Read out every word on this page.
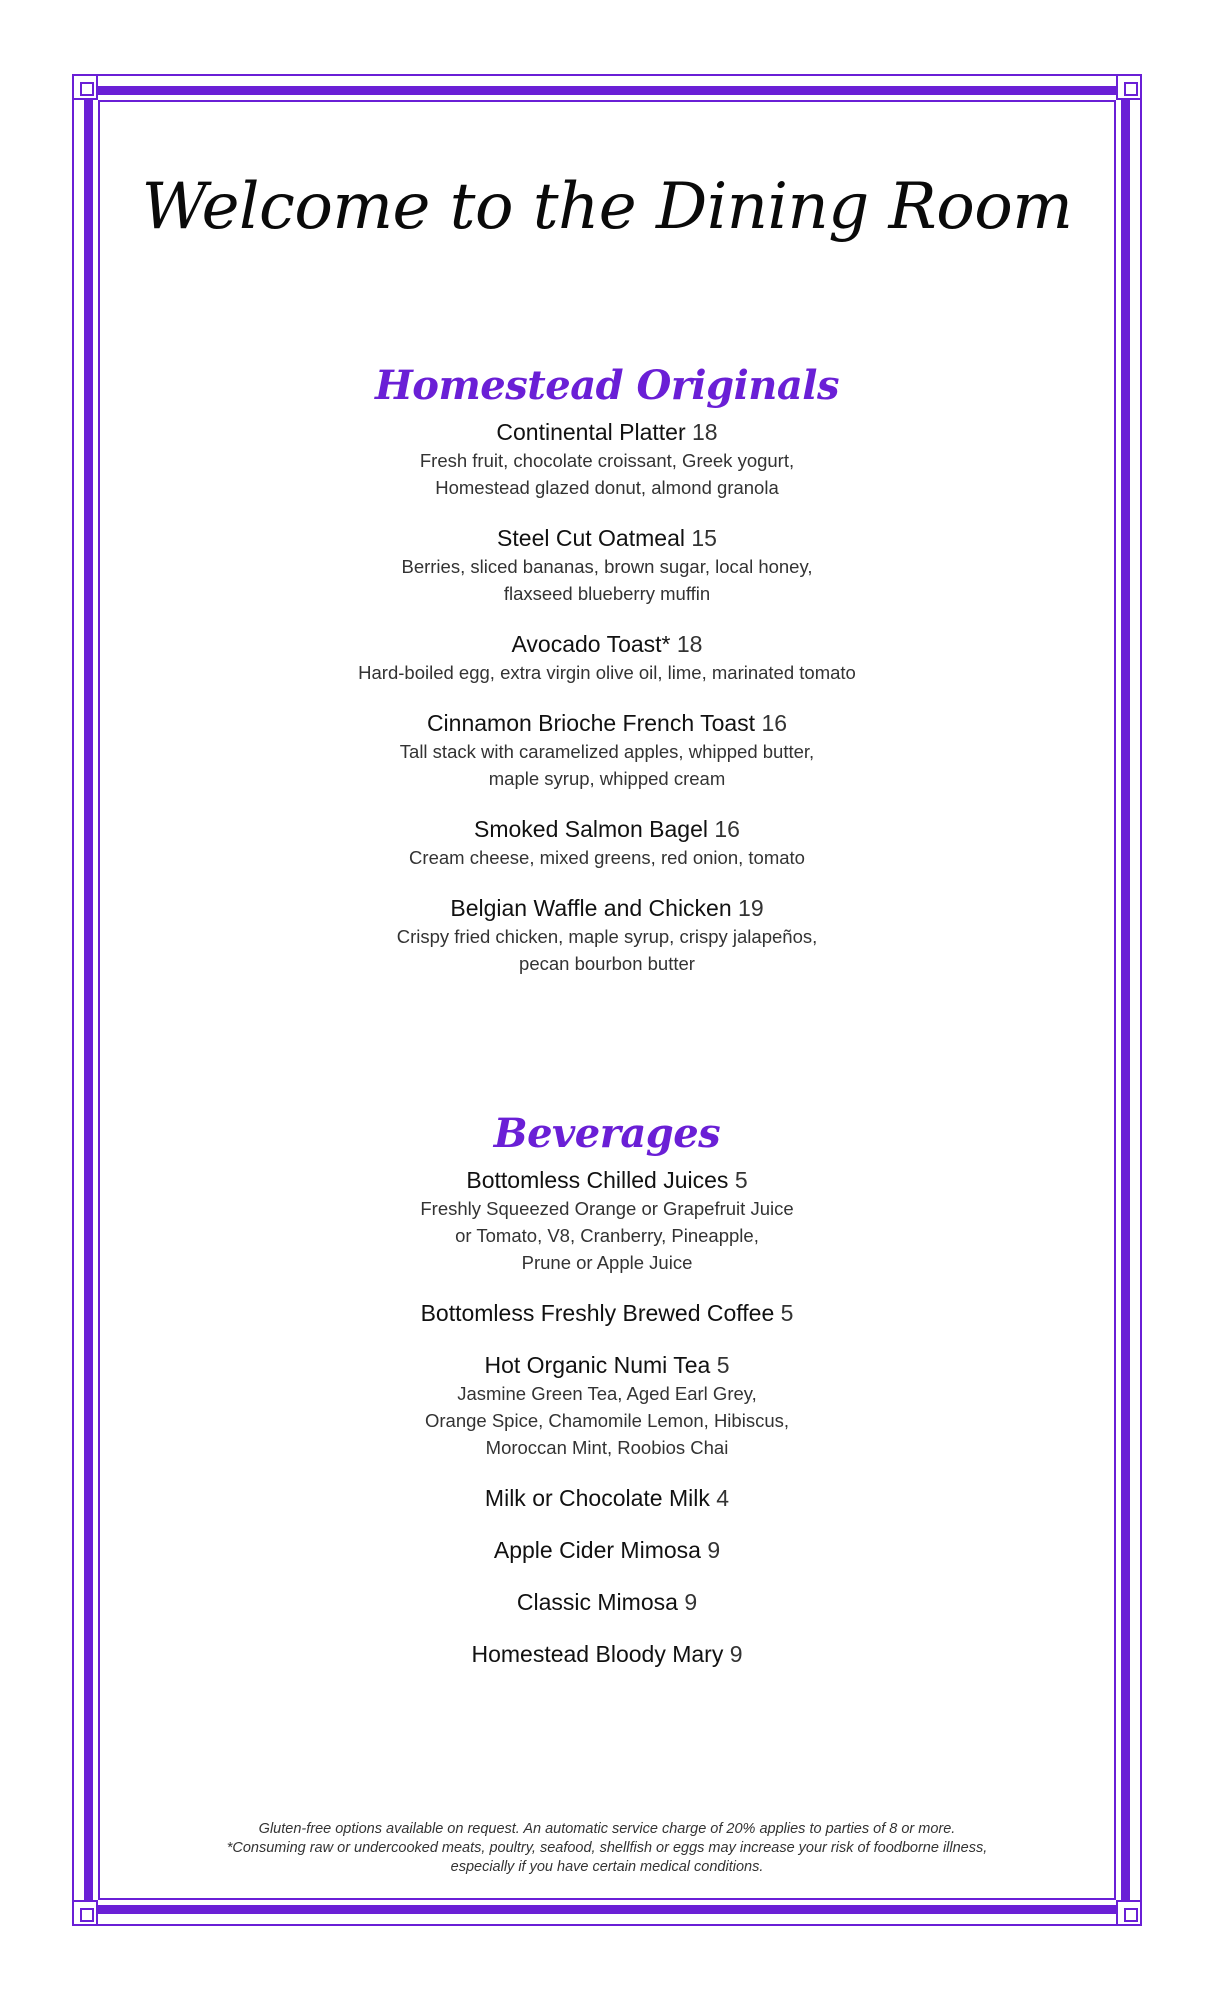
Welcome to the Dining Room
Homestead Originals
Continental Platter 18
Fresh fruit, chocolate croissant, Greek yogurt,
Homestead glazed donut, almond granola
Steel Cut Oatmeal 15
Berries, sliced bananas, brown sugar, local honey,
flaxseed blueberry muffin
Avocado Toast* 18
Hard-boiled egg, extra virgin olive oil, lime, marinated tomato
Cinnamon Brioche French Toast 16
Tall stack with caramelized apples, whipped butter,
maple syrup, whipped cream
Smoked Salmon Bagel 16
Cream cheese, mixed greens, red onion, tomato
Belgian Waffle and Chicken 19
Crispy fried chicken, maple syrup, crispy jalapeños,
pecan bourbon butter
Beverages
Bottomless Chilled Juices 5
Freshly Squeezed Orange or Grapefruit Juice
or Tomato, V8, Cranberry, Pineapple,
Prune or Apple Juice
Bottomless Freshly Brewed Coffee 5
Hot Organic Numi Tea 5
Jasmine Green Tea, Aged Earl Grey,
Orange Spice, Chamomile Lemon, Hibiscus,
Moroccan Mint, Roobios Chai
Milk or Chocolate Milk 4
Apple Cider Mimosa 9
Classic Mimosa 9
Homestead Bloody Mary 9
Gluten-free options available on request. An automatic service charge of 20% applies to parties of 8 or more.
*Consuming raw or undercooked meats, poultry, seafood, shellfish or eggs may increase your risk of foodborne illness,
especially if you have certain medical conditions.
